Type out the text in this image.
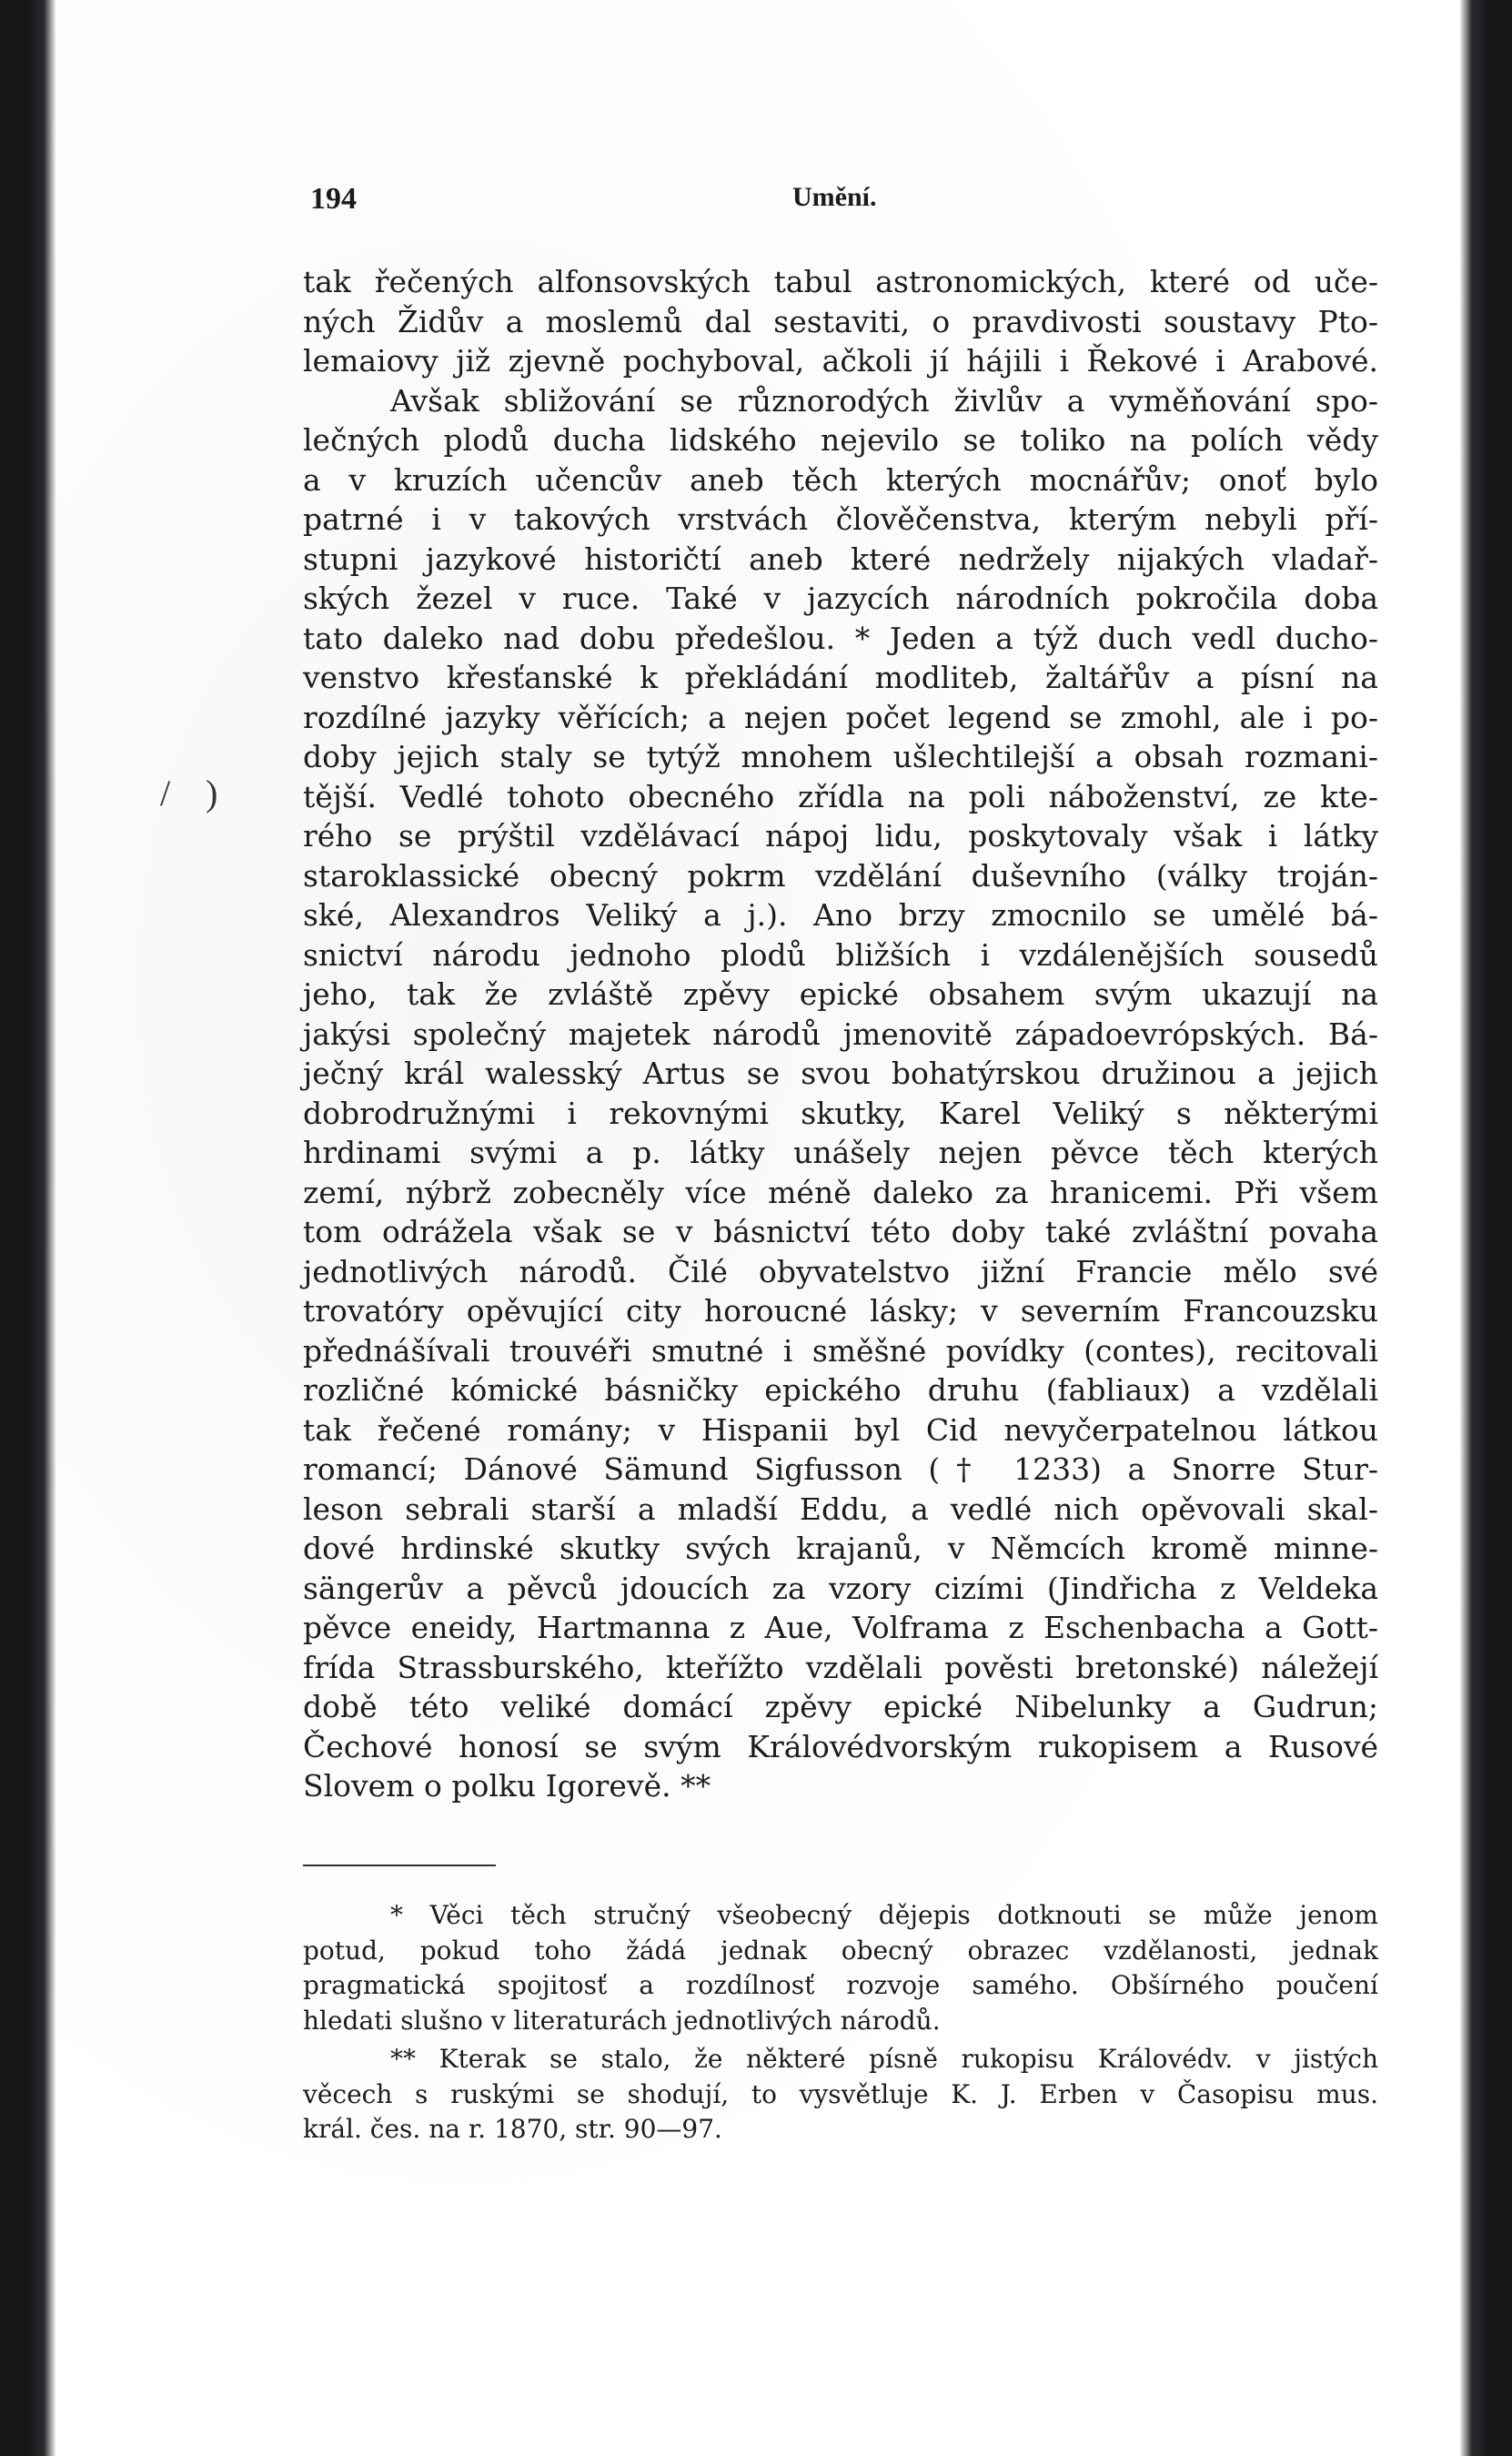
194	Umění.
tak řečených alfonsovských tabul astronomických, které od uče-
ných Židův a moslemů dal sestaviti, o pravdivosti soustavy Pto-
lemaiovy již zjevně pochyboval, ačkoli jí hájili i Řekové i Arabové.
Avšak sbližování se různorodých živlův a vyměňování spo-
lečných plodů ducha lidského nejevilo se toliko na polích vědy
a v kruzích učencův aneb těch kterých mocnářův; onoť bylo
patrné i v takových vrstvách člověčenstva, kterým nebyli pří-
stupni jazykové historičtí aneb které nedržely nijakých vladař-
ských žezel v ruce. Také v jazycích národních pokročila doba
tato daleko nad dobu předešlou. * Jeden a týž duch vedl ducho-
venstvo křesťanské k překládání modliteb, žaltářův a písní na
rozdílné jazyky věřících; a nejen počet legend se zmohl, ale i po-
doby jejich staly se tytýž mnohem ušlechtilejší a obsah rozmani-
tější. Vedlé tohoto obecného zřídla na poli náboženství, ze kte-
rého se prýštil vzdělávací nápoj lidu, poskytovaly však i látky
staroklassické obecný pokrm vzdělání duševního (války troján-
ské, Alexandros Veliký a j.). Ano brzy zmocnilo se umělé bá-
snictví národu jednoho plodů bližších i vzdálenějších sousedů
jeho, tak že zvláště zpěvy epické obsahem svým ukazují na
jakýsi společný majetek národů jmenovitě západoevrópských. Bá-
ječný král walesský Artus se svou bohatýrskou družinou a jejich
dobrodružnými i rekovnými skutky, Karel Veliký s některými
hrdinami svými a p. látky unášely nejen pěvce těch kterých
zemí, nýbrž zobecněly více méně daleko za hranicemi. Při všem
tom odrážela však se v básnictví této doby také zvláštní povaha
jednotlivých národů. Čilé obyvatelstvo jižní Francie mělo své
trovatóry opěvující city horoucné lásky; v severním Francouzsku
přednášívali trouvéři smutné i směšné povídky (contes), recitovali
rozličné kómické básničky epického druhu (fabliaux) a vzdělali
tak řečené romány; v Hispanii byl Cid nevyčerpatelnou látkou
romancí; Dánové Sämund Sigfusson († 1233) a Snorre Stur-
leson sebrali starší a mladší Eddu, a vedlé nich opěvovali skal-
dové hrdinské skutky svých krajanů, v Němcích kromě minne-
sängerův a pěvců jdoucích za vzory cizími (Jindřicha z Veldeka
pěvce eneidy, Hartmanna z Aue, Volframa z Eschenbacha a Gott-
frída Strassburského, kteřížto vzdělali pověsti bretonské) náležejí
době této veliké domácí zpěvy epické Nibelunky a Gudrun;
Čechové honosí se svým Královédvorským rukopisem a Rusové
Slovem o polku Igorevě. **
* Věci těch stručný všeobecný dějepis dotknouti se může jenom
potud, pokud toho žádá jednak obecný obrazec vzdělanosti, jednak
pragmatická spojitosť a rozdílnosť rozvoje samého. Obšírného poučení
hledati slušno v literaturách jednotlivých národů.
** Kterak se stalo, že některé písně rukopisu Královédv. v jistých
věcech s ruskými se shodují, to vysvětluje K. J. Erben v Časopisu mus.
král. čes. na r. 1870, str. 90—97.
/ )
